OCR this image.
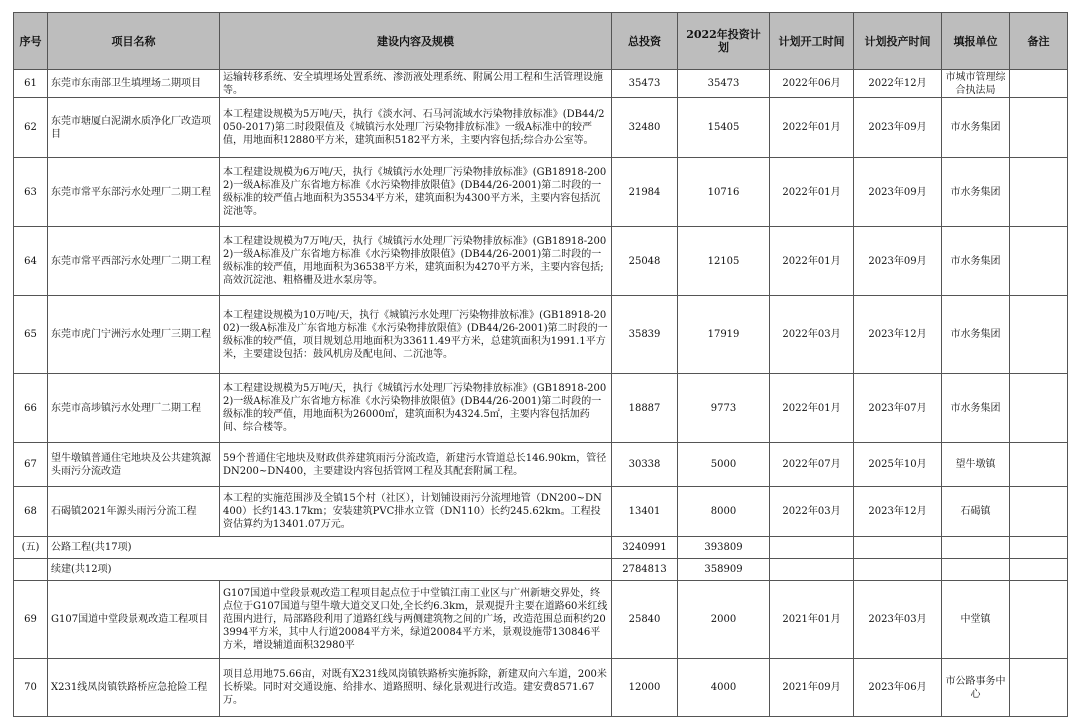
序号	项目名称	建设内容及规模	总投资	2022年投资计划	计划开工时间	计划投产时间	填报单位	备注
61	东莞市东南部卫生填埋场二期项目	运输转移系统、安全填埋场处置系统、渗沥液处理系统、附属公用工程和生活管理设施等。	35473	35473	2022年06月	2022年12月	市城市管理综合执法局	
62	东莞市塘厦白泥湖水质净化厂改造项目	本工程建设规模为5万吨/天，执行《淡水河、石马河流域水污染物排放标准》(DB44/2050-2017)第二时段限值及《城镇污水处理厂污染物排放标准》一级A标准中的较严值，用地面积12880平方米，建筑面积5182平方米，主要内容包括;综合办公室等。	32480	15405	2022年01月	2023年09月	市水务集团	
63	东莞市常平东部污水处理厂二期工程	本工程建设规模为6万吨/天，执行《城镇污水处理厂污染物排放标准》(GB18918-2002)一级A标准及广东省地方标准《水污染物排放限值》(DB44/26-2001)第二时段的一级标准的较严值占地面积为35534平方米，建筑面积为4300平方米，主要内容包括沉淀池等。	21984	10716	2022年01月	2023年09月	市水务集团	
64	东莞市常平西部污水处理厂二期工程	本工程建设规模为7万吨/天，执行《城镇污水处理厂污染物排放标准》(GB18918-2002)一级A标准及广东省地方标准《水污染物排放限值》(DB44/26-2001)第二时段的一级标准的较严值，用地面积为36538平方米，建筑面积为4270平方米，主要内容包括;高效沉淀池、粗格栅及进水泵房等。	25048	12105	2022年01月	2023年09月	市水务集团	
65	东莞市虎门宁洲污水处理厂三期工程	本工程建设规模为10万吨/天，执行《城镇污水处理厂污染物排放标准》(GB18918-2002)一级A标准及广东省地方标准《水污染物排放限值》(DB44/26-2001)第二时段的一级标准的较严值，项目规划总用地面积为33611.49平方米，总建筑面积为1991.1平方米，主要建设包括：鼓风机房及配电间、二沉池等。	35839	17919	2022年03月	2023年12月	市水务集团	
66	东莞市高埗镇污水处理厂二期工程	本工程建设规模为5万吨/天，执行《城镇污水处理厂污染物排放标准》(GB18918-2002)一级A标准及广东省地方标准《水污染物排放限值》(DB44/26-2001)第二时段的一级标准的较严值，用地面积为26000㎡，建筑面积为4324.5㎡，主要内容包括加药间、综合楼等。	18887	9773	2022年01月	2023年07月	市水务集团	
67	望牛墩镇普通住宅地块及公共建筑源头雨污分流改造	59个普通住宅地块及财政供养建筑雨污分流改造，新建污水管道总长146.90km，管径DN200~DN400，主要建设内容包括管网工程及其配套附属工程。	30338	5000	2022年07月	2025年10月	望牛墩镇	
68	石碣镇2021年源头雨污分流工程	本工程的实施范围涉及全镇15个村（社区），计划铺设雨污分流埋地管（DN200~DN400）长约143.17km；安装建筑PVC排水立管（DN110）长约245.62km。工程投资估算约为13401.07万元。	13401	8000	2022年03月	2023年12月	石碣镇	
(五)	公路工程(共17项)		3240991	393809				
	续建(共12项)		2784813	358909				
69	G107国道中堂段景观改造工程项目	G107国道中堂段景观改造工程项目起点位于中堂镇江南工业区与广州新塘交界处，终点位于G107国道与望牛墩大道交叉口处,全长约6.3km，景观提升主要在道路60米红线范围内进行，局部路段利用了道路红线与两侧建筑物之间的广场，改造范围总面积约203994平方米，其中人行道20084平方米，绿道20084平方米，景观设施带130846平方米，增设辅道面积32980平	25840	2000	2021年01月	2023年03月	中堂镇	
70	X231线凤岗镇铁路桥应急抢险工程	项目总用地75.66亩，对既有X231线凤岗镇铁路桥实施拆除，新建双向六车道，200米长桥梁。同时对交通设施、给排水、道路照明、绿化景观进行改造。建安费8571.67万。	12000	4000	2021年09月	2023年06月	市公路事务中心	
